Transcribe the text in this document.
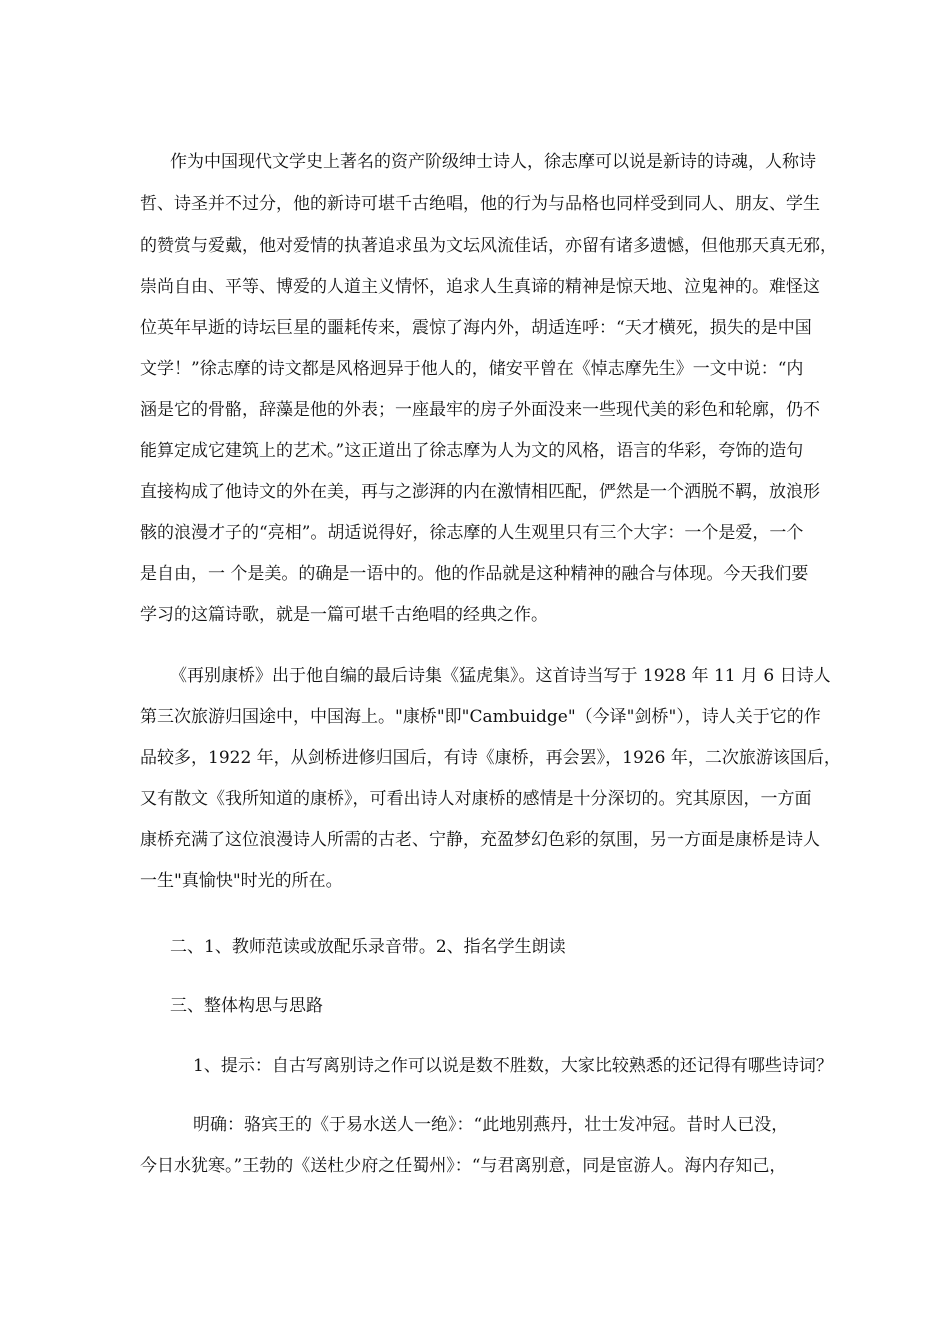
作为中国现代文学史上著名的资产阶级绅士诗人，徐志摩可以说是新诗的诗魂，人称诗
哲、诗圣并不过分，他的新诗可堪千古绝唱，他的行为与品格也同样受到同人、朋友、学生
的赞赏与爱戴，他对爱情的执著追求虽为文坛风流佳话，亦留有诸多遗憾，但他那天真无邪，
崇尚自由、平等、博爱的人道主义情怀，追求人生真谛的精神是惊天地、泣鬼神的。难怪这
位英年早逝的诗坛巨星的噩耗传来，震惊了海内外，胡适连呼：“天才横死，损失的是中国
文学！”徐志摩的诗文都是风格迥异于他人的，储安平曾在《悼志摩先生》一文中说：“内
涵是它的骨骼，辞藻是他的外表；一座最牢的房子外面没来一些现代美的彩色和轮廓，仍不
能算定成它建筑上的艺术。”这正道出了徐志摩为人为文的风格，语言的华彩，夸饰的造句
直接构成了他诗文的外在美，再与之澎湃的内在激情相匹配，俨然是一个洒脱不羁，放浪形
骸的浪漫才子的“亮相”。胡适说得好，徐志摩的人生观里只有三个大字：一个是爱，一个
是自由，一 个是美。的确是一语中的。他的作品就是这种精神的融合与体现。今天我们要
学习的这篇诗歌，就是一篇可堪千古绝唱的经典之作。
《再别康桥》出于他自编的最后诗集《猛虎集》。这首诗当写于 1928 年 11 月 6 日诗人
第三次旅游归国途中，中国海上。"康桥"即"Cambuidge"（今译"剑桥"），诗人关于它的作
品较多，1922 年，从剑桥进修归国后，有诗《康桥，再会罢》，1926 年，二次旅游该国后，
又有散文《我所知道的康桥》，可看出诗人对康桥的感情是十分深切的。究其原因，一方面
康桥充满了这位浪漫诗人所需的古老、宁静，充盈梦幻色彩的氛围，另一方面是康桥是诗人
一生"真愉快"时光的所在。
二、1、教师范读或放配乐录音带。2、指名学生朗读
三、整体构思与思路
1、提示：自古写离别诗之作可以说是数不胜数，大家比较熟悉的还记得有哪些诗词？
明确：骆宾王的《于易水送人一绝》：“此地别燕丹，壮士发冲冠。昔时人已没，
今日水犹寒。”王勃的《送杜少府之任蜀州》：“与君离别意，同是宦游人。海内存知己，
